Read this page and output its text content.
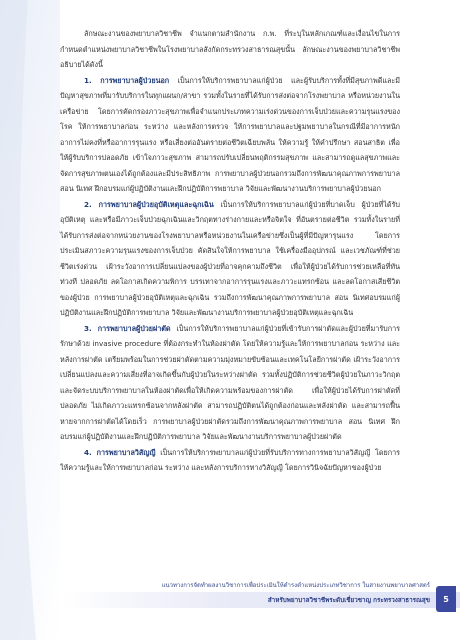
ลักษณะงานของพยาบาลวิชาชีพ จำแนกตามสำนักงาน ก.พ. ที่ระบุในหลักเกณฑ์และเงื่อนไขในการกำหนดตำแหน่งพยาบาลวิชาชีพในโรงพยาบาลสังกัดกระทรวงสาธารณสุขนั้น ลักษณะงานของพยาบาลวิชาชีพ อธิบายได้ดังนี้

1. การพยาบาลผู้ป่วยนอก เป็นการให้บริการพยาบาลแก่ผู้ป่วย และผู้รับบริการทั้งที่มีสุขภาพดีและมีปัญหาสุขภาพที่มารับบริการในทุกแผนก/สาขา รวมทั้งในรายที่ได้รับการส่งต่อจากโรงพยาบาล หรือหน่วยงานในเครือข่าย โดยการคัดกรองภาวะสุขภาพเพื่อจำแนกประเภทความเร่งด่วนของการเจ็บป่วยและความรุนแรงของโรค ให้การพยาบาลก่อน ระหว่าง และหลังการตรวจ ให้การพยาบาลและปฐมพยาบาลในกรณีที่มีอาการหนัก อาการไม่คงที่หรืออาการรุนแรง หรือเสี่ยงต่ออันตรายต่อชีวิตเฉียบพลัน ให้ความรู้ ให้คำปรึกษา สอนสาธิต เพื่อให้ผู้รับบริการปลอดภัย เข้าใจภาวะสุขภาพ สามารถปรับเปลี่ยนพฤติกรรมสุขภาพ และสามารถดูแลสุขภาพและจัดการสุขภาพตนเองได้ถูกต้องและมีประสิทธิภาพ การพยาบาลผู้ป่วยนอกรวมถึงการพัฒนาคุณภาพการพยาบาล สอน นิเทศ ฝึกอบรมแก่ผู้ปฏิบัติงานและฝึกปฏิบัติการพยาบาล วิจัยและพัฒนางานบริการพยาบาลผู้ป่วยนอก

2. การพยาบาลผู้ป่วยอุบัติเหตุและฉุกเฉิน เป็นการให้บริการพยาบาลแก่ผู้ป่วยที่บาดเจ็บ ผู้ป่วยที่ได้รับอุบัติเหตุ และหรือมีภาวะเจ็บป่วยฉุกเฉินและวิกฤตทางร่างกายและหรือจิตใจ ที่อันตรายต่อชีวิต รวมทั้งในรายที่ได้รับการส่งต่อจากหน่วยงานของโรงพยาบาลหรือหน่วยงานในเครือข่ายซึ่งเป็นผู้ที่มีปัญหารุนแรง โดยการประเมินสภาวะความรุนแรงของการเจ็บป่วย คัดสินใจให้การพยาบาล ใช้เครื่องมืออุปกรณ์ และเวชภัณฑ์ที่ช่วยชีวิตเร่งด่วน เฝ้าระวังอาการเปลี่ยนแปลงของผู้ป่วยที่อาจคุกคามถึงชีวิต เพื่อให้ผู้ป่วยได้รับการช่วยเหลือที่ทันท่วงที ปลอดภัย ลดโอกาสเกิดความพิการ บรรเทาจากอาการรุนแรงและภาวะแทรกซ้อน และลดโอกาสเสียชีวิตของผู้ป่วย การพยาบาลผู้ป่วยอุบัติเหตุและฉุกเฉิน รวมถึงการพัฒนาคุณภาพการพยาบาล สอน นิเทศอบรมแก่ผู้ปฏิบัติงานและฝึกปฏิบัติการพยาบาล วิจัยและพัฒนางานบริการพยาบาลผู้ป่วยอุบัติเหตุและฉุกเฉิน

3. การพยาบาลผู้ป่วยผ่าตัด เป็นการให้บริการพยาบาลแก่ผู้ป่วยที่เข้ารับการผ่าตัดและผู้ป่วยที่มารับการรักษาด้วย invasive procedure ที่ต้องกระทำในห้องผ่าตัด โดยให้ความรู้และให้การพยาบาลก่อน ระหว่าง และหลังการผ่าตัด เตรียมพร้อมในการช่วยผ่าตัดตามความมุ่งหมายขับซ้อนและเทคโนโลยีการผ่าตัด เฝ้าระวังอาการเปลี่ยนแปลงและความเสี่ยงที่อาจเกิดขึ้นกับผู้ป่วยในระหว่างผ่าตัด รวมทั้งปฏิบัติการช่วยชีวิตผู้ป่วยในภาวะวิกฤตและจัดระบบบริการพยาบาลในห้องผ่าตัดเพื่อให้เกิดความพร้อมของการผ่าตัด เพื่อให้ผู้ป่วยได้รับการผ่าตัดที่ปลอดภัย ไม่เกิดภาวะแทรกซ้อนจากหลังผ่าตัด สามารถปฏิบัติตนได้ถูกต้องก่อนและหลังผ่าตัด และสามารถฟื้นหายจากการผ่าตัดได้โดยเร็ว การพยาบาลผู้ป่วยผ่าตัดรวมถึงการพัฒนาคุณภาพการพยาบาล สอน นิเทศ ฝึกอบรมแก่ผู้ปฏิบัติงานและฝึกปฏิบัติการพยาบาล วิจัยและพัฒนางานบริการพยาบาลผู้ป่วยผ่าตัด

4. การพยาบาลวิสัญญี เป็นการให้บริการพยาบาลแก่ผู้ป่วยที่รับบริการทางการพยาบาลวิสัญญี โดยการให้ความรู้และให้การพยาบาลก่อน ระหว่าง และหลังการบริการทางวิสัญญี โดยการวินิจฉัยปัญหาของผู้ป่วย

แนวทางการจัดทำผลงานวิชาการเพื่อประเมินให้ดำรงตำแหน่งประเภทวิชาการ ในสายงานพยาบาลศาสตร์
สำหรับพยาบาลวิชาชีพระดับเชี่ยวชาญ กระทรวงสาธารณสุข	5
